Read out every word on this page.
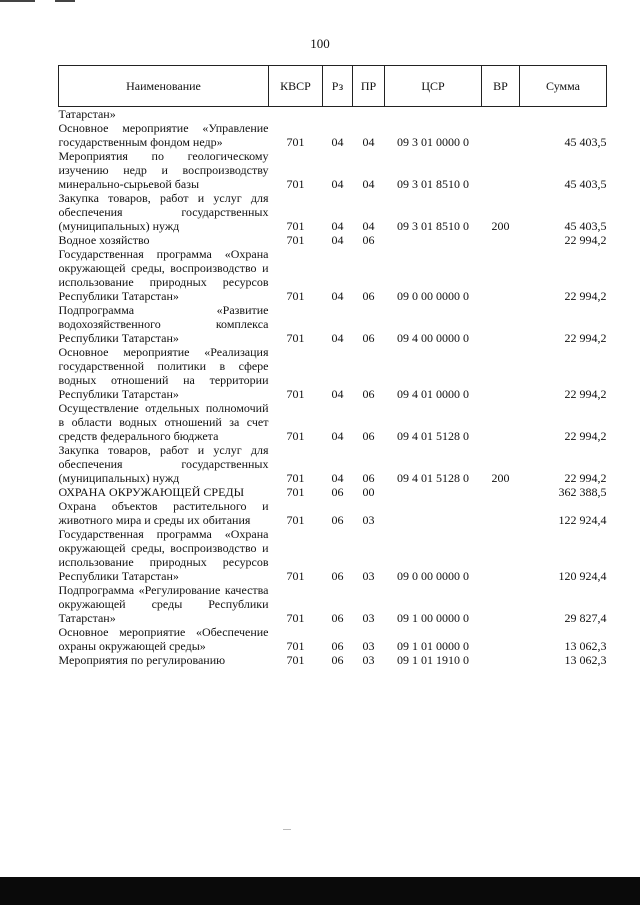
100
Наименование	КВСР	Рз	ПР	ЦСР	ВР	Сумма
Татарстан»						
Основное мероприятие «Управление государственным фондом недр»	701	04	04	09 3 01 0000 0		45 403,5
Мероприятия по геологическому изучению недр и воспроизводству минерально-сырьевой базы	701	04	04	09 3 01 8510 0		45 403,5
Закупка товаров, работ и услуг для обеспечения государственных (муниципальных) нужд	701	04	04	09 3 01 8510 0	200	45 403,5
Водное хозяйство	701	04	06			22 994,2
Государственная программа «Охрана окружающей среды, воспроизводство и использование природных ресурсов Республики Татарстан»	701	04	06	09 0 00 0000 0		22 994,2
Подпрограмма «Развитие водохозяйственного комплекса Республики Татарстан»	701	04	06	09 4 00 0000 0		22 994,2
Основное мероприятие «Реализация государственной политики в сфере водных отношений на территории Республики Татарстан»	701	04	06	09 4 01 0000 0		22 994,2
Осуществление отдельных полномочий в области водных отношений за счет средств федерального бюджета	701	04	06	09 4 01 5128 0		22 994,2
Закупка товаров, работ и услуг для обеспечения государственных (муниципальных) нужд	701	04	06	09 4 01 5128 0	200	22 994,2
ОХРАНА ОКРУЖАЮЩЕЙ СРЕДЫ	701	06	00			362 388,5
Охрана объектов растительного и животного мира и среды их обитания	701	06	03			122 924,4
Государственная программа «Охрана окружающей среды, воспроизводство и использование природных ресурсов Республики Татарстан»	701	06	03	09 0 00 0000 0		120 924,4
Подпрограмма «Регулирование качества окружающей среды Республики Татарстан»	701	06	03	09 1 00 0000 0		29 827,4
Основное мероприятие «Обеспечение охраны окружающей среды»	701	06	03	09 1 01 0000 0		13 062,3
Мероприятия по регулированию	701	06	03	09 1 01 1910 0		13 062,3
